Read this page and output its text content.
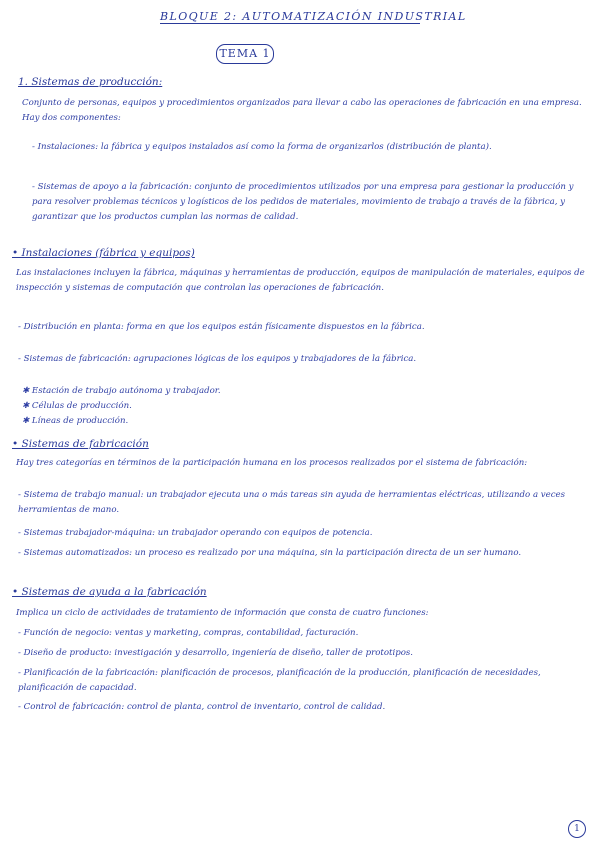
BLOQUE 2: AUTOMATIZACIÓN INDUSTRIAL
TEMA 1
1. Sistemas de producción:
Conjunto de personas, equipos y procedimientos organizados para llevar a cabo las operaciones de fabricación en una empresa. Hay dos componentes:
- Instalaciones: la fábrica y equipos instalados así como la forma de organizarlos (distribución de planta).
- Sistemas de apoyo a la fabricación: conjunto de procedimientos utilizados por una empresa para gestionar la producción y para resolver problemas técnicos y logísticos de los pedidos de materiales, movimiento de trabajo a través de la fábrica, y garantizar que los productos cumplan las normas de calidad.
• Instalaciones (fábrica y equipos)
Las instalaciones incluyen la fábrica, máquinas y herramientas de producción, equipos de manipulación de materiales, equipos de inspección y sistemas de computación que controlan las operaciones de fabricación.
- Distribución en planta: forma en que los equipos están físicamente dispuestos en la fábrica.
- Sistemas de fabricación: agrupaciones lógicas de los equipos y trabajadores de la fábrica.
✱ Estación de trabajo autónoma y trabajador.
✱ Células de producción.
✱ Líneas de producción.
• Sistemas de fabricación
Hay tres categorías en términos de la participación humana en los procesos realizados por el sistema de fabricación:
- Sistema de trabajo manual: un trabajador ejecuta una o más tareas sin ayuda de herramientas eléctricas, utilizando a veces herramientas de mano.
- Sistemas trabajador-máquina: un trabajador operando con equipos de potencia.
- Sistemas automatizados: un proceso es realizado por una máquina, sin la participación directa de un ser humano.
• Sistemas de ayuda a la fabricación
Implica un ciclo de actividades de tratamiento de información que consta de cuatro funciones:
- Función de negocio: ventas y marketing, compras, contabilidad, facturación.
- Diseño de producto: investigación y desarrollo, ingeniería de diseño, taller de prototipos.
- Planificación de la fabricación: planificación de procesos, planificación de la producción, planificación de necesidades, planificación de capacidad.
- Control de fabricación: control de planta, control de inventario, control de calidad.
1
